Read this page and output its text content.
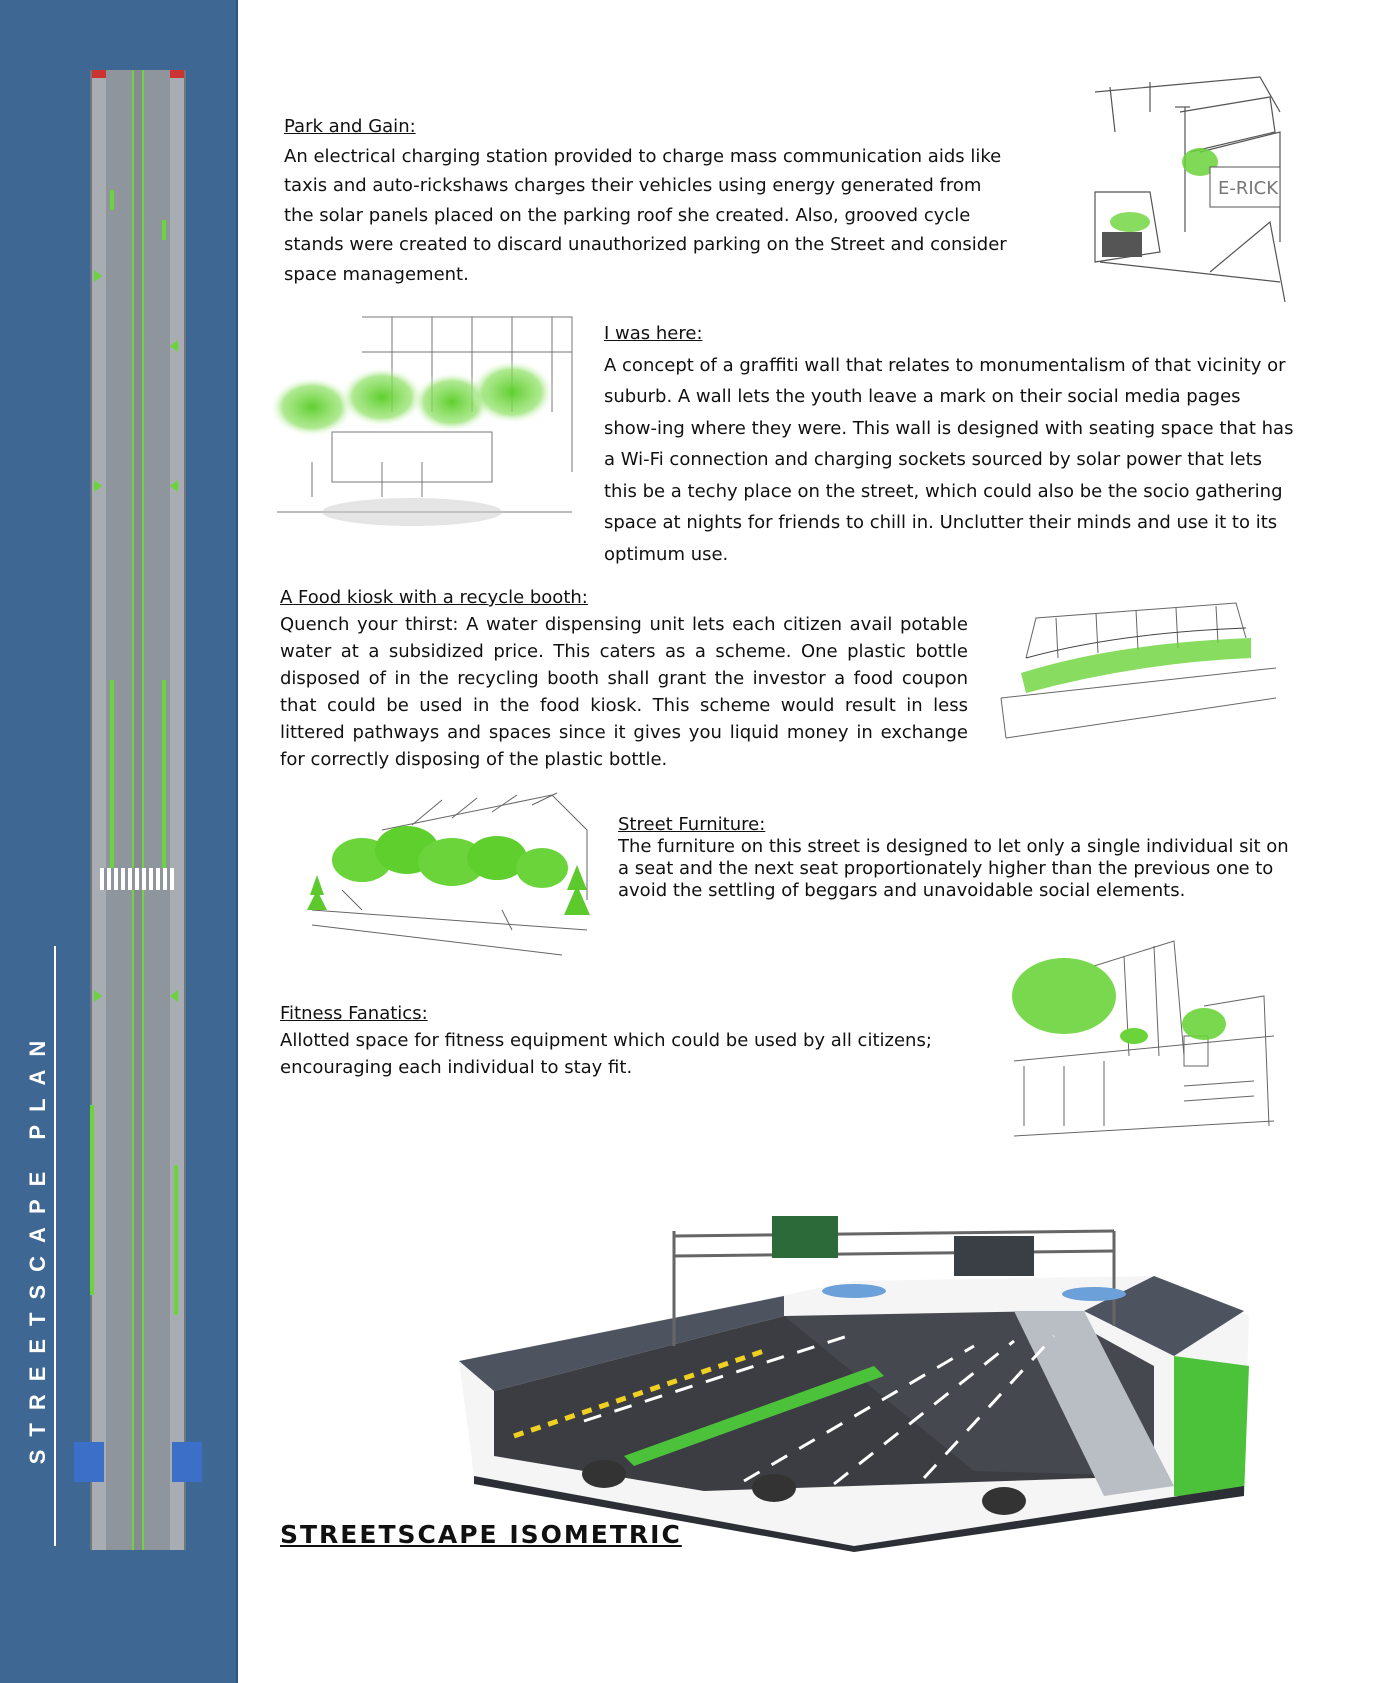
STREETSCAPE PLAN
Park and Gain:
An electrical charging station provided to charge mass communication aids like taxis and auto-rickshaws charges their vehicles using energy generated from the solar panels placed on the parking roof she created. Also, grooved cycle stands were created to discard unauthorized parking on the Street and consider space management.
E-RICK
I was here:
A concept of a graffiti wall that relates to monumentalism of that vicinity or suburb. A wall lets the youth leave a mark on their social media pages show-ing where they were. This wall is designed with seating space that has a Wi-Fi connection and charging sockets sourced by solar power that lets this be a techy place on the street, which could also be the socio gathering space at nights for friends to chill in. Unclutter their minds and use it to its optimum use.
A Food kiosk with a recycle booth:
Quench your thirst: A water dispensing unit lets each citizen avail potable water at a subsidized price. This caters as a scheme. One plastic bottle disposed of in the recycling booth shall grant the investor a food coupon that could be used in the food kiosk. This scheme would result in less littered pathways and spaces since it gives you liquid money in exchange for correctly disposing of the plastic bottle.
Street Furniture:
The furniture on this street is designed to let only a single individual sit on a seat and the next seat proportionately higher than the previous one to avoid the settling of beggars and unavoidable social elements.
Fitness Fanatics:
Allotted space for fitness equipment which could be used by all citizens; encouraging each individual to stay fit.
STREETSCAPE ISOMETRIC
